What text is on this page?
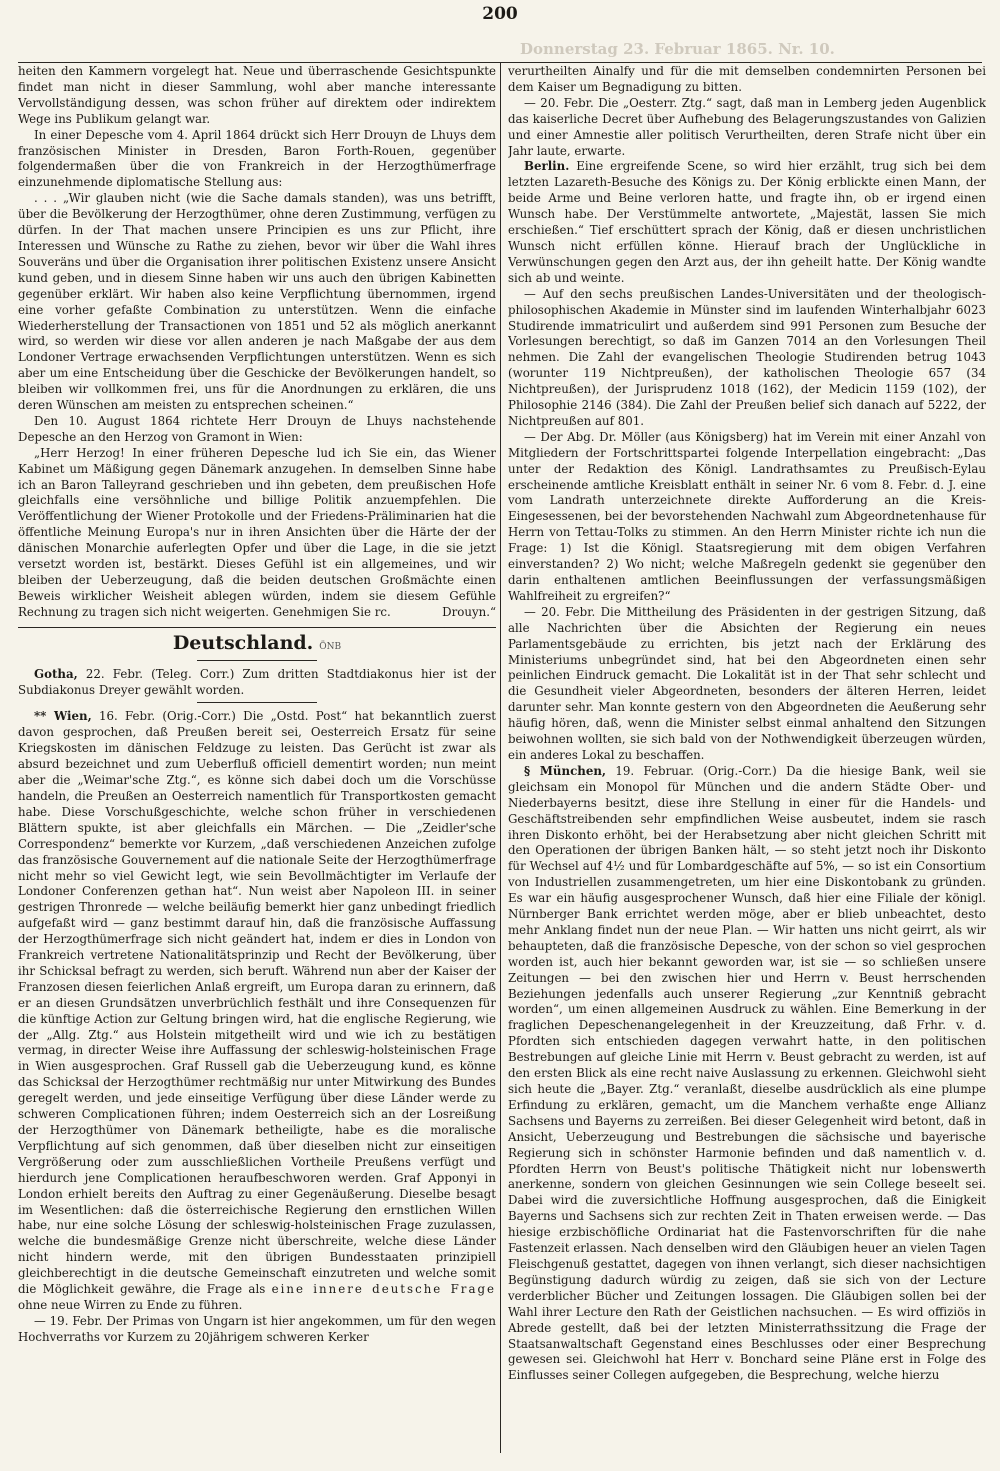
200
Donnerstag 23. Februar 1865. Nr. 10.

heiten den Kammern vorgelegt hat. Neue und überraschende Gesichtspunkte findet man nicht in dieser Sammlung, wohl aber manche interessante Vervollständigung dessen, was schon früher auf direktem oder indirektem Wege ins Publikum gelangt war.

In einer Depesche vom 4. April 1864 drückt sich Herr Drouyn de Lhuys dem französischen Minister in Dresden, Baron Forth-Rouen, gegenüber folgendermaßen über die von Frankreich in der Herzogthümerfrage einzunehmende diplomatische Stellung aus:

. . . „Wir glauben nicht (wie die Sache damals standen), was uns betrifft, über die Bevölkerung der Herzogthümer, ohne deren Zustimmung, verfügen zu dürfen. In der That machen unsere Principien es uns zur Pflicht, ihre Interessen und Wünsche zu Rathe zu ziehen, bevor wir über die Wahl ihres Souveräns und über die Organisation ihrer politischen Existenz unsere Ansicht kund geben, und in diesem Sinne haben wir uns auch den übrigen Kabinetten gegenüber erklärt. Wir haben also keine Verpflichtung übernommen, irgend eine vorher gefaßte Combination zu unterstützen. Wenn die einfache Wiederherstellung der Transactionen von 1851 und 52 als möglich anerkannt wird, so werden wir diese vor allen anderen je nach Maßgabe der aus dem Londoner Vertrage erwachsenden Verpflichtungen unterstützen. Wenn es sich aber um eine Entscheidung über die Geschicke der Bevölkerungen handelt, so bleiben wir vollkommen frei, uns für die Anordnungen zu erklären, die uns deren Wünschen am meisten zu entsprechen scheinen.“

Den 10. August 1864 richtete Herr Drouyn de Lhuys nachstehende Depesche an den Herzog von Gramont in Wien:

„Herr Herzog! In einer früheren Depesche lud ich Sie ein, das Wiener Kabinet um Mäßigung gegen Dänemark anzugehen. In demselben Sinne habe ich an Baron Talleyrand geschrieben und ihn gebeten, dem preußischen Hofe gleichfalls eine versöhnliche und billige Politik anzuempfehlen. Die Veröffentlichung der Wiener Protokolle und der Friedens-Präliminarien hat die öffentliche Meinung Europa's nur in ihren Ansichten über die Härte der der dänischen Monarchie auferlegten Opfer und über die Lage, in die sie jetzt versetzt worden ist, bestärkt. Dieses Gefühl ist ein allgemeines, und wir bleiben der Ueberzeugung, daß die beiden deutschen Großmächte einen Beweis wirklicher Weisheit ablegen würden, indem sie diesem Gefühle Rechnung zu tragen sich nicht weigerten. Genehmigen Sie rc.	Drouyn.“

Deutschland. ÖNB

Gotha, 22. Febr. (Teleg. Corr.) Zum dritten Stadtdiakonus hier ist der Subdiakonus Dreyer gewählt worden.

** Wien, 16. Febr. (Orig.-Corr.) Die „Ostd. Post“ hat bekanntlich zuerst davon gesprochen, daß Preußen bereit sei, Oesterreich Ersatz für seine Kriegskosten im dänischen Feldzuge zu leisten. Das Gerücht ist zwar als absurd bezeichnet und zum Ueberfluß officiell dementirt worden; nun meint aber die „Weimar'sche Ztg.“, es könne sich dabei doch um die Vorschüsse handeln, die Preußen an Oesterreich namentlich für Transportkosten gemacht habe. Diese Vorschußgeschichte, welche schon früher in verschiedenen Blättern spukte, ist aber gleichfalls ein Märchen. — Die „Zeidler'sche Correspondenz“ bemerkte vor Kurzem, „daß verschiedenen Anzeichen zufolge das französische Gouvernement auf die nationale Seite der Herzogthümerfrage nicht mehr so viel Gewicht legt, wie sein Bevollmächtigter im Verlaufe der Londoner Conferenzen gethan hat“. Nun weist aber Napoleon III. in seiner gestrigen Thronrede — welche beiläufig bemerkt hier ganz unbedingt friedlich aufgefaßt wird — ganz bestimmt darauf hin, daß die französische Auffassung der Herzogthümerfrage sich nicht geändert hat, indem er dies in London von Frankreich vertretene Nationalitätsprinzip und Recht der Bevölkerung, über ihr Schicksal befragt zu werden, sich beruft. Während nun aber der Kaiser der Franzosen diesen feierlichen Anlaß ergreift, um Europa daran zu erinnern, daß er an diesen Grundsätzen unverbrüchlich festhält und ihre Consequenzen für die künftige Action zur Geltung bringen wird, hat die englische Regierung, wie der „Allg. Ztg.“ aus Holstein mitgetheilt wird und wie ich zu bestätigen vermag, in directer Weise ihre Auffassung der schleswig-holsteinischen Frage in Wien ausgesprochen. Graf Russell gab die Ueberzeugung kund, es könne das Schicksal der Herzogthümer rechtmäßig nur unter Mitwirkung des Bundes geregelt werden, und jede einseitige Verfügung über diese Länder werde zu schweren Complicationen führen; indem Oesterreich sich an der Losreißung der Herzogthümer von Dänemark betheiligte, habe es die moralische Verpflichtung auf sich genommen, daß über dieselben nicht zur einseitigen Vergrößerung oder zum ausschließlichen Vortheile Preußens verfügt und hierdurch jene Complicationen heraufbeschworen werden. Graf Apponyi in London erhielt bereits den Auftrag zu einer Gegenäußerung. Dieselbe besagt im Wesentlichen: daß die österreichische Regierung den ernstlichen Willen habe, nur eine solche Lösung der schleswig-holsteinischen Frage zuzulassen, welche die bundesmäßige Grenze nicht überschreite, welche diese Länder nicht hindern werde, mit den übrigen Bundesstaaten prinzipiell gleichberechtigt in die deutsche Gemeinschaft einzutreten und welche somit die Möglichkeit gewähre, die Frage als eine innere deutsche Frage ohne neue Wirren zu Ende zu führen.

— 19. Febr. Der Primas von Ungarn ist hier angekommen, um für den wegen Hochverraths vor Kurzem zu 20jährigem schweren Kerker

verurtheilten Ainalfy und für die mit demselben condemnirten Personen bei dem Kaiser um Begnadigung zu bitten.

— 20. Febr. Die „Oesterr. Ztg.“ sagt, daß man in Lemberg jeden Augenblick das kaiserliche Decret über Aufhebung des Belagerungszustandes von Galizien und einer Amnestie aller politisch Verurtheilten, deren Strafe nicht über ein Jahr laute, erwarte.

Berlin. Eine ergreifende Scene, so wird hier erzählt, trug sich bei dem letzten Lazareth-Besuche des Königs zu. Der König erblickte einen Mann, der beide Arme und Beine verloren hatte, und fragte ihn, ob er irgend einen Wunsch habe. Der Verstümmelte antwortete, „Majestät, lassen Sie mich erschießen.“ Tief erschüttert sprach der König, daß er diesen unchristlichen Wunsch nicht erfüllen könne. Hierauf brach der Unglückliche in Verwünschungen gegen den Arzt aus, der ihn geheilt hatte. Der König wandte sich ab und weinte.

— Auf den sechs preußischen Landes-Universitäten und der theologisch-philosophischen Akademie in Münster sind im laufenden Winterhalbjahr 6023 Studirende immatriculirt und außerdem sind 991 Personen zum Besuche der Vorlesungen berechtigt, so daß im Ganzen 7014 an den Vorlesungen Theil nehmen. Die Zahl der evangelischen Theologie Studirenden betrug 1043 (worunter 119 Nichtpreußen), der katholischen Theologie 657 (34 Nichtpreußen), der Jurisprudenz 1018 (162), der Medicin 1159 (102), der Philosophie 2146 (384). Die Zahl der Preußen belief sich danach auf 5222, der Nichtpreußen auf 801.

— Der Abg. Dr. Möller (aus Königsberg) hat im Verein mit einer Anzahl von Mitgliedern der Fortschrittspartei folgende Interpellation eingebracht: „Das unter der Redaktion des Königl. Landrathsamtes zu Preußisch-Eylau erscheinende amtliche Kreisblatt enthält in seiner Nr. 6 vom 8. Febr. d. J. eine vom Landrath unterzeichnete direkte Aufforderung an die Kreis-Eingesessenen, bei der bevorstehenden Nachwahl zum Abgeordnetenhause für Herrn von Tettau-Tolks zu stimmen. An den Herrn Minister richte ich nun die Frage: 1) Ist die Königl. Staatsregierung mit dem obigen Verfahren einverstanden? 2) Wo nicht; welche Maßregeln gedenkt sie gegenüber den darin enthaltenen amtlichen Beeinflussungen der verfassungsmäßigen Wahlfreiheit zu ergreifen?“

— 20. Febr. Die Mittheilung des Präsidenten in der gestrigen Sitzung, daß alle Nachrichten über die Absichten der Regierung ein neues Parlamentsgebäude zu errichten, bis jetzt nach der Erklärung des Ministeriums unbegründet sind, hat bei den Abgeordneten einen sehr peinlichen Eindruck gemacht. Die Lokalität ist in der That sehr schlecht und die Gesundheit vieler Abgeordneten, besonders der älteren Herren, leidet darunter sehr. Man konnte gestern von den Abgeordneten die Aeußerung sehr häufig hören, daß, wenn die Minister selbst einmal anhaltend den Sitzungen beiwohnen wollten, sie sich bald von der Nothwendigkeit überzeugen würden, ein anderes Lokal zu beschaffen.

§ München, 19. Februar. (Orig.-Corr.) Da die hiesige Bank, weil sie gleichsam ein Monopol für München und die andern Städte Ober- und Niederbayerns besitzt, diese ihre Stellung in einer für die Handels- und Geschäftstreibenden sehr empfindlichen Weise ausbeutet, indem sie rasch ihren Diskonto erhöht, bei der Herabsetzung aber nicht gleichen Schritt mit den Operationen der übrigen Banken hält, — so steht jetzt noch ihr Diskonto für Wechsel auf 4½ und für Lombardgeschäfte auf 5%, — so ist ein Consortium von Industriellen zusammengetreten, um hier eine Diskontobank zu gründen. Es war ein häufig ausgesprochener Wunsch, daß hier eine Filiale der königl. Nürnberger Bank errichtet werden möge, aber er blieb unbeachtet, desto mehr Anklang findet nun der neue Plan. — Wir hatten uns nicht geirrt, als wir behaupteten, daß die französische Depesche, von der schon so viel gesprochen worden ist, auch hier bekannt geworden war, ist sie — so schließen unsere Zeitungen — bei den zwischen hier und Herrn v. Beust herrschenden Beziehungen jedenfalls auch unserer Regierung „zur Kenntniß gebracht worden“, um einen allgemeinen Ausdruck zu wählen. Eine Bemerkung in der fraglichen Depeschenangelegenheit in der Kreuzzeitung, daß Frhr. v. d. Pfordten sich entschieden dagegen verwahrt hatte, in den politischen Bestrebungen auf gleiche Linie mit Herrn v. Beust gebracht zu werden, ist auf den ersten Blick als eine recht naive Auslassung zu erkennen. Gleichwohl sieht sich heute die „Bayer. Ztg.“ veranlaßt, dieselbe ausdrücklich als eine plumpe Erfindung zu erklären, gemacht, um die Manchem verhaßte enge Allianz Sachsens und Bayerns zu zerreißen. Bei dieser Gelegenheit wird betont, daß in Ansicht, Ueberzeugung und Bestrebungen die sächsische und bayerische Regierung sich in schönster Harmonie befinden und daß namentlich v. d. Pfordten Herrn von Beust's politische Thätigkeit nicht nur lobenswerth anerkenne, sondern von gleichen Gesinnungen wie sein College beseelt sei. Dabei wird die zuversichtliche Hoffnung ausgesprochen, daß die Einigkeit Bayerns und Sachsens sich zur rechten Zeit in Thaten erweisen werde. — Das hiesige erzbischöfliche Ordinariat hat die Fastenvorschriften für die nahe Fastenzeit erlassen. Nach denselben wird den Gläubigen heuer an vielen Tagen Fleischgenuß gestattet, dagegen von ihnen verlangt, sich dieser nachsichtigen Begünstigung dadurch würdig zu zeigen, daß sie sich von der Lecture verderblicher Bücher und Zeitungen lossagen. Die Gläubigen sollen bei der Wahl ihrer Lecture den Rath der Geistlichen nachsuchen. — Es wird offiziös in Abrede gestellt, daß bei der letzten Ministerrathssitzung die Frage der Staatsanwaltschaft Gegenstand eines Beschlusses oder einer Besprechung gewesen sei. Gleichwohl hat Herr v. Bonchard seine Pläne erst in Folge des Einflusses seiner Collegen aufgegeben, die Besprechung, welche hierzu
